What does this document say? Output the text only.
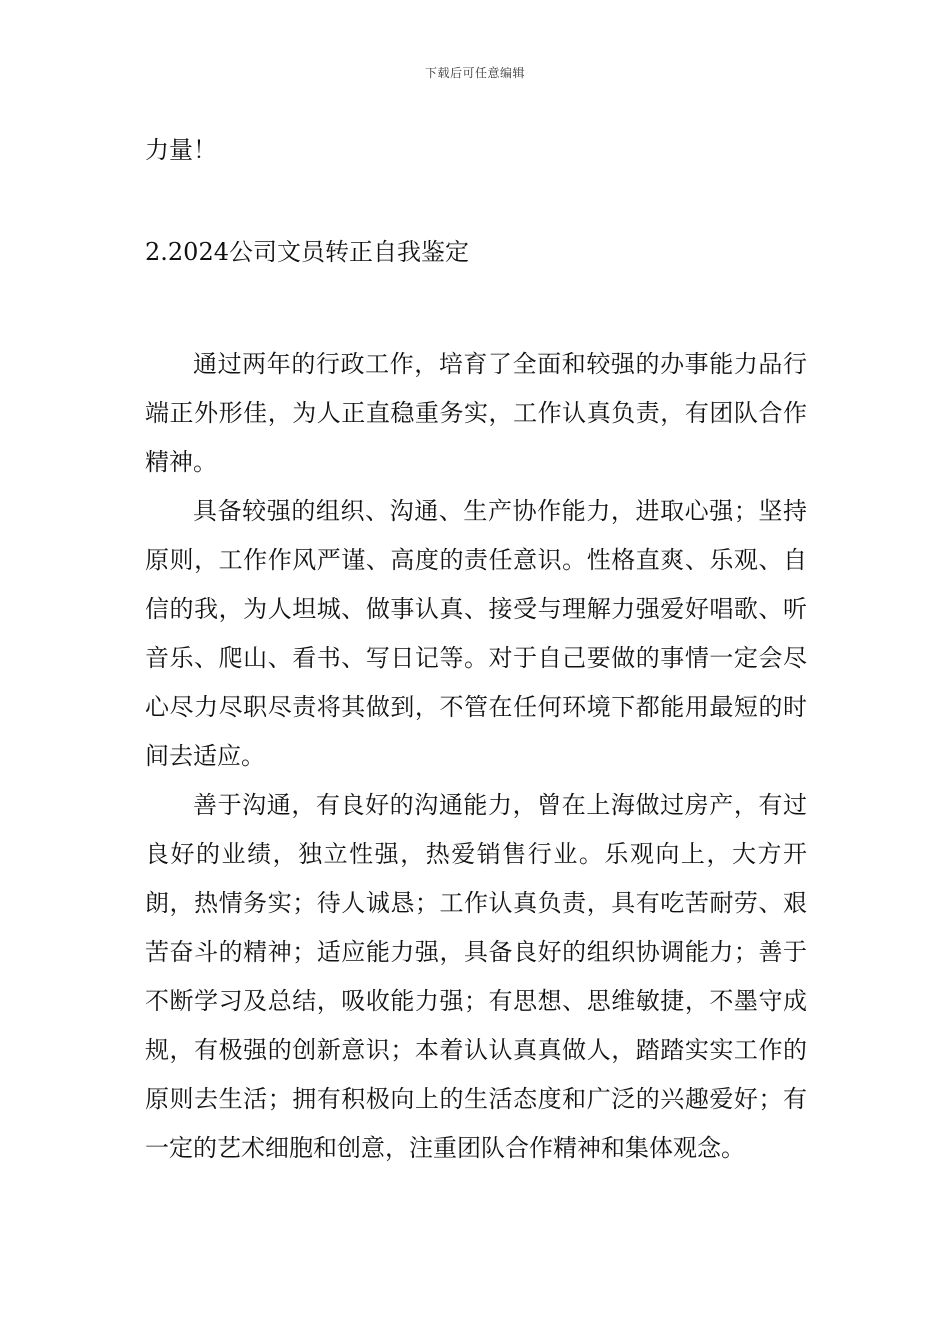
下载后可任意编辑

力量！

2.2024公司文员转正自我鉴定

通过两年的行政工作，培育了全面和较强的办事能力品行端正外形佳，为人正直稳重务实，工作认真负责，有团队合作精神。

具备较强的组织、沟通、生产协作能力，进取心强；坚持原则，工作作风严谨、高度的责任意识。性格直爽、乐观、自信的我，为人坦城、做事认真、接受与理解力强爱好唱歌、听音乐、爬山、看书、写日记等。对于自己要做的事情一定会尽心尽力尽职尽责将其做到，不管在任何环境下都能用最短的时间去适应。

善于沟通，有良好的沟通能力，曾在上海做过房产，有过良好的业绩，独立性强，热爱销售行业。乐观向上，大方开朗，热情务实；待人诚恳；工作认真负责，具有吃苦耐劳、艰苦奋斗的精神；适应能力强，具备良好的组织协调能力；善于不断学习及总结，吸收能力强；有思想、思维敏捷，不墨守成规，有极强的创新意识；本着认认真真做人，踏踏实实工作的原则去生活；拥有积极向上的生活态度和广泛的兴趣爱好；有一定的艺术细胞和创意，注重团队合作精神和集体观念。
